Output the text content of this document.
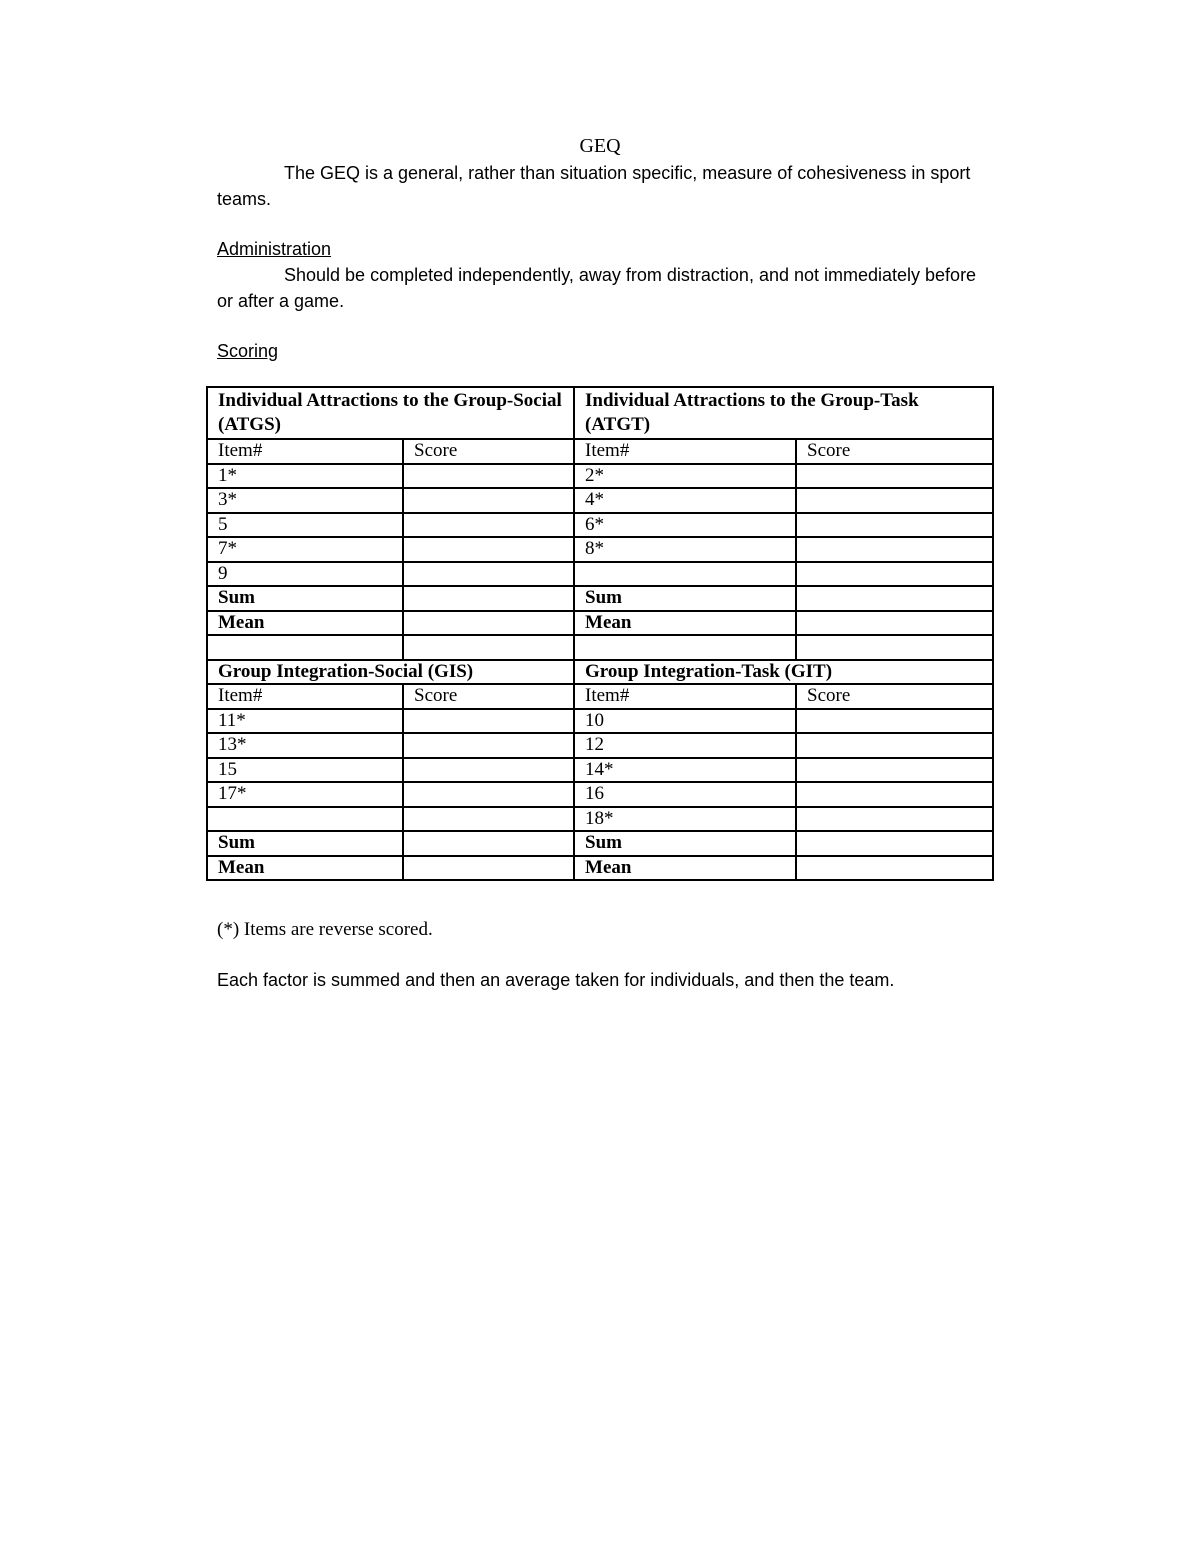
GEQ
The GEQ is a general, rather than situation specific, measure of cohesiveness in sport teams.
Administration
Should be completed independently, away from distraction, and not immediately before or after a game.
Scoring
Individual Attractions to the Group-Social (ATGS)		Individual Attractions to the Group-Task (ATGT)	
Item#	Score	Item#	Score
1*		2*	
3*		4*	
5		6*	
7*		8*	
9			
Sum		Sum	
Mean		Mean	

Group Integration-Social (GIS)		Group Integration-Task (GIT)	
Item#	Score	Item#	Score
11*		10	
13*		12	
15		14*	
17*		16	
		18*	
Sum		Sum	
Mean		Mean	
(*) Items are reverse scored.
Each factor is summed and then an average taken for individuals, and then the team.
